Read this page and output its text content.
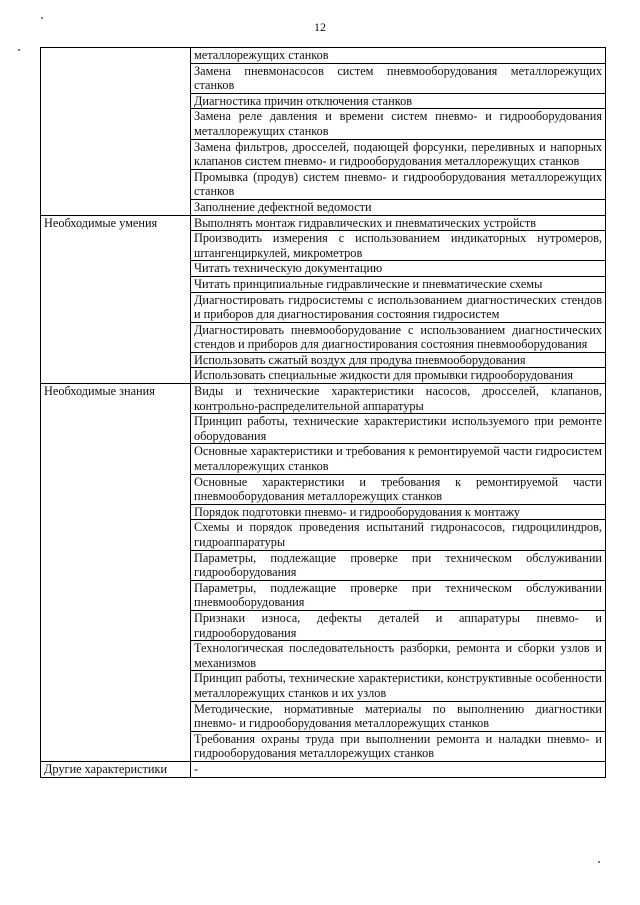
12
	металлорежущих станков
	Замена пневмонасосов систем пневмооборудования металлорежущих станков
	Диагностика причин отключения станков
	Замена реле давления и времени систем пневмо- и гидрооборудования металлорежущих станков
	Замена фильтров, дросселей, подающей форсунки, переливных и напорных клапанов систем пневмо- и гидрооборудования металлорежущих станков
	Промывка (продув) систем пневмо- и гидрооборудования металлорежущих станков
	Заполнение дефектной ведомости
Необходимые умения	Выполнять монтаж гидравлических и пневматических устройств
	Производить измерения с использованием индикаторных нутромеров, штангенциркулей, микрометров
	Читать техническую документацию
	Читать принципиальные гидравлические и пневматические схемы
	Диагностировать гидросистемы с использованием диагностических стендов и приборов для диагностирования состояния гидросистем
	Диагностировать пневмооборудование с использованием диагностических стендов и приборов для диагностирования состояния пневмооборудования
	Использовать сжатый воздух для продува пневмооборудования
	Использовать специальные жидкости для промывки гидрооборудования
Необходимые знания	Виды и технические характеристики насосов, дросселей, клапанов, контрольно-распределительной аппаратуры
	Принцип работы, технические характеристики используемого при ремонте оборудования
	Основные характеристики и требования к ремонтируемой части гидросистем металлорежущих станков
	Основные характеристики и требования к ремонтируемой части пневмооборудования металлорежущих станков
	Порядок подготовки пневмо- и гидрооборудования к монтажу
	Схемы и порядок проведения испытаний гидронасосов, гидроцилиндров, гидроаппаратуры
	Параметры, подлежащие проверке при техническом обслуживании гидрооборудования
	Параметры, подлежащие проверке при техническом обслуживании пневмооборудования
	Признаки износа, дефекты деталей и аппаратуры пневмо- и гидрооборудования
	Технологическая последовательность разборки, ремонта и сборки узлов и механизмов
	Принцип работы, технические характеристики, конструктивные особенности металлорежущих станков и их узлов
	Методические, нормативные материалы по выполнению диагностики пневмо- и гидрооборудования металлорежущих станков
	Требования охраны труда при выполнении ремонта и наладки пневмо- и гидрооборудования металлорежущих станков
Другие характеристики	-
